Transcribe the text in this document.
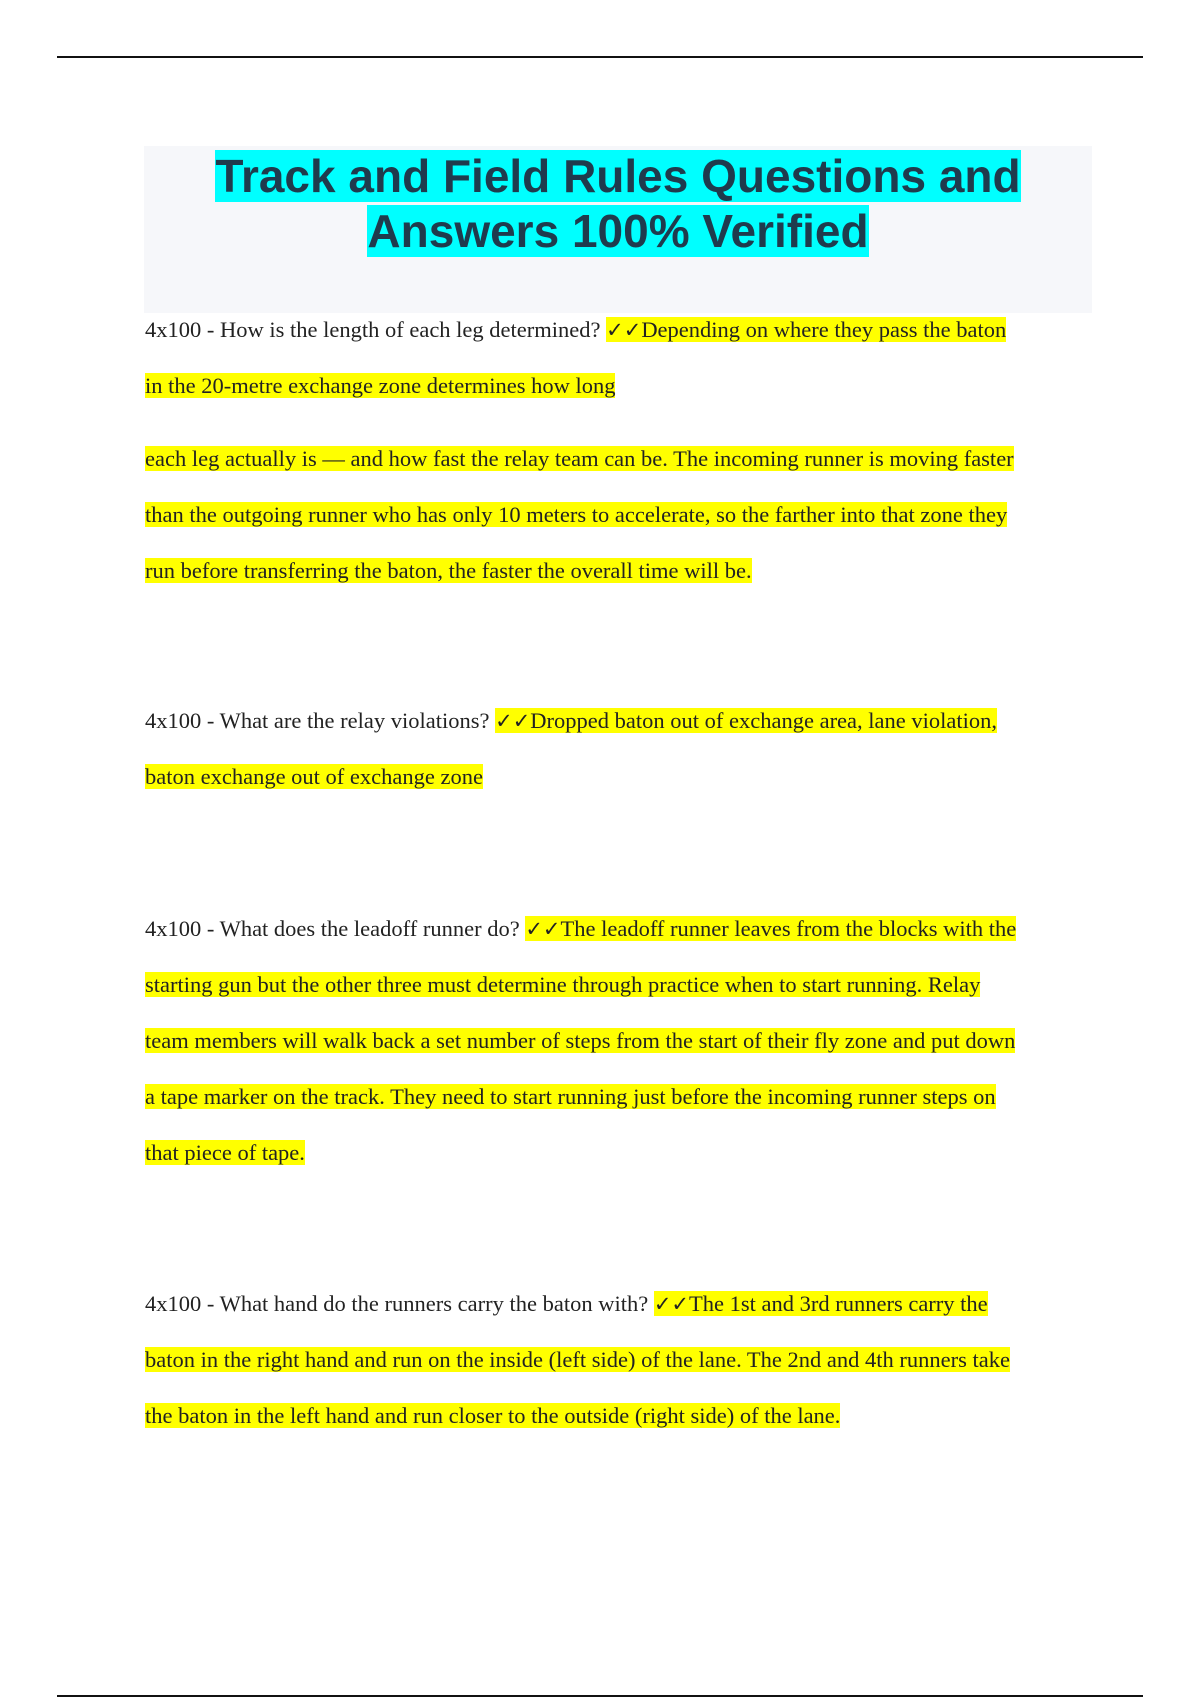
Track and Field Rules Questions and
Answers 100% Verified
4x100 - How is the length of each leg determined? ✓✓Depending on where they pass the baton
in the 20-metre exchange zone determines how long
each leg actually is — and how fast the relay team can be. The incoming runner is moving faster
than the outgoing runner who has only 10 meters to accelerate, so the farther into that zone they
run before transferring the baton, the faster the overall time will be.
4x100 - What are the relay violations? ✓✓Dropped baton out of exchange area, lane violation,
baton exchange out of exchange zone
4x100 - What does the leadoff runner do? ✓✓The leadoff runner leaves from the blocks with the
starting gun but the other three must determine through practice when to start running. Relay
team members will walk back a set number of steps from the start of their fly zone and put down
a tape marker on the track. They need to start running just before the incoming runner steps on
that piece of tape.
4x100 - What hand do the runners carry the baton with? ✓✓The 1st and 3rd runners carry the
baton in the right hand and run on the inside (left side) of the lane. The 2nd and 4th runners take
the baton in the left hand and run closer to the outside (right side) of the lane.
